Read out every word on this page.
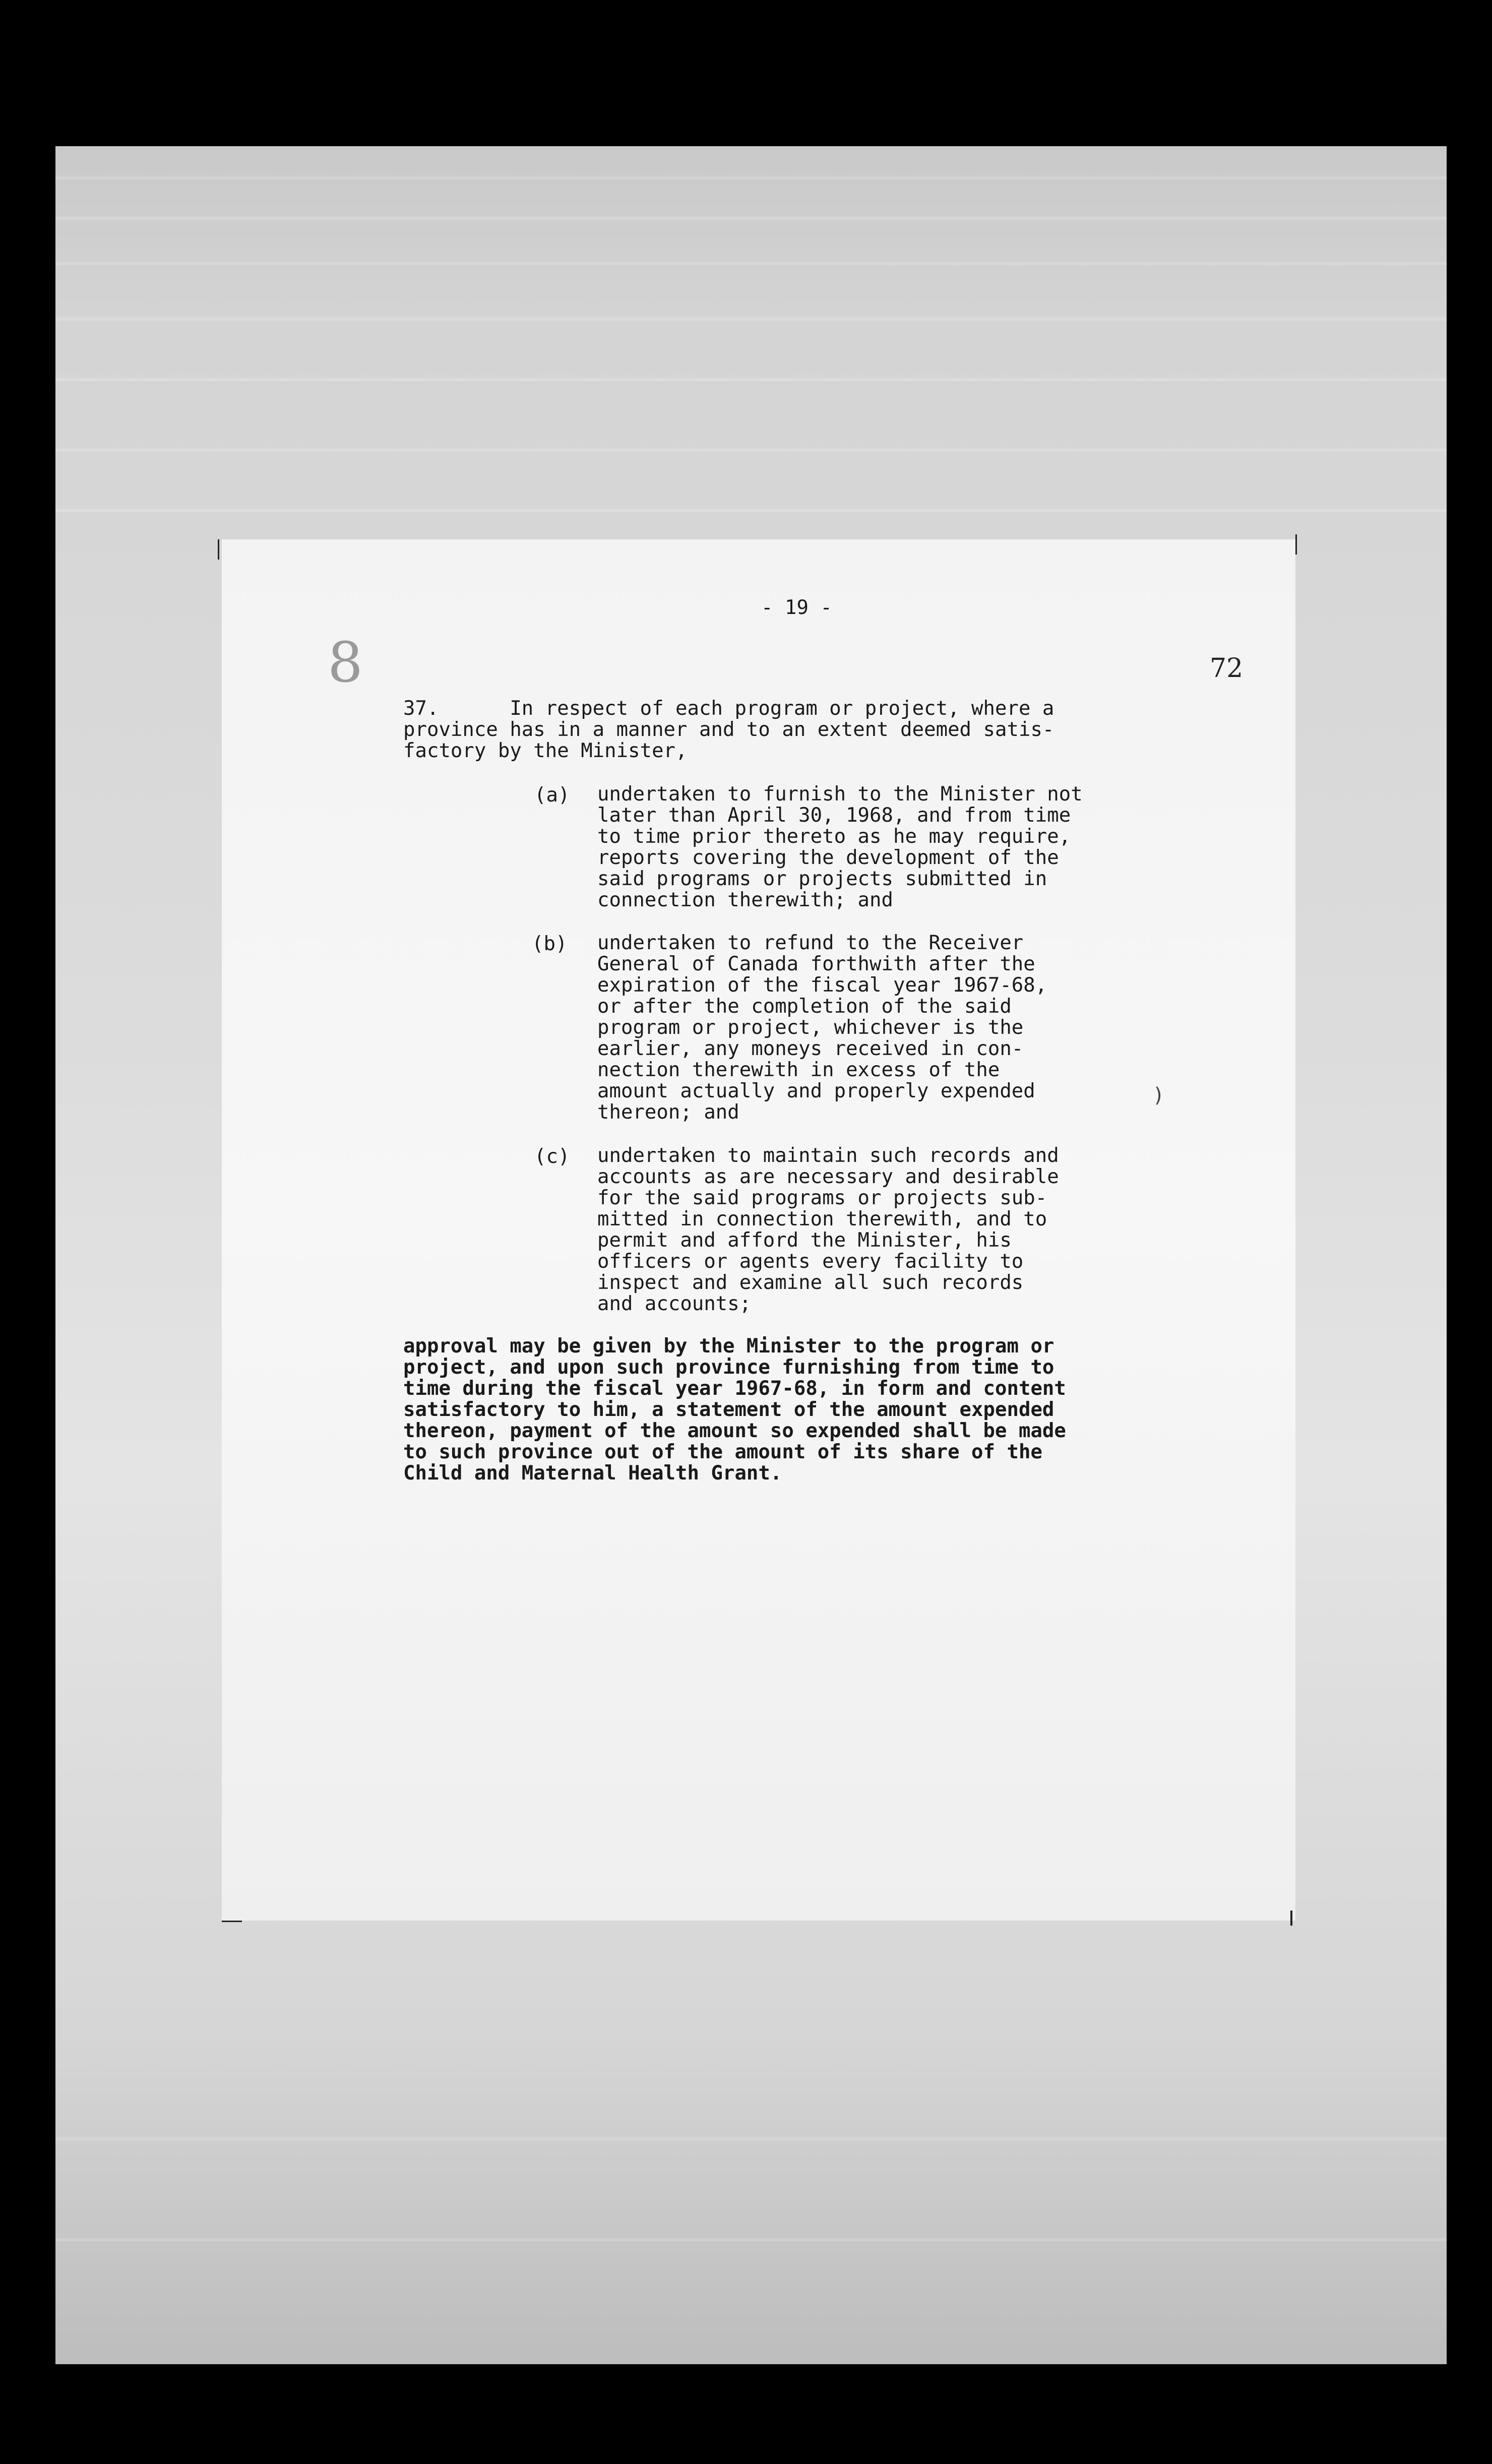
- 19 -
72
8
37.      In respect of each program or project, where a
province has in a manner and to an extent deemed satis-
factory by the Minister,
(a) undertaken to furnish to the Minister not
later than April 30, 1968, and from time
to time prior thereto as he may require,
reports covering the development of the
said programs or projects submitted in
connection therewith; and
(b) undertaken to refund to the Receiver
General of Canada forthwith after the
expiration of the fiscal year 1967-68,
or after the completion of the said
program or project, whichever is the
earlier, any moneys received in con-
nection therewith in excess of the
amount actually and properly expended
thereon; and
(c) undertaken to maintain such records and
accounts as are necessary and desirable
for the said programs or projects sub-
mitted in connection therewith, and to
permit and afford the Minister, his
officers or agents every facility to
inspect and examine all such records
and accounts;
approval may be given by the Minister to the program or
project, and upon such province furnishing from time to
time during the fiscal year 1967-68, in form and content
satisfactory to him, a statement of the amount expended
thereon, payment of the amount so expended shall be made
to such province out of the amount of its share of the
Child and Maternal Health Grant.
)
